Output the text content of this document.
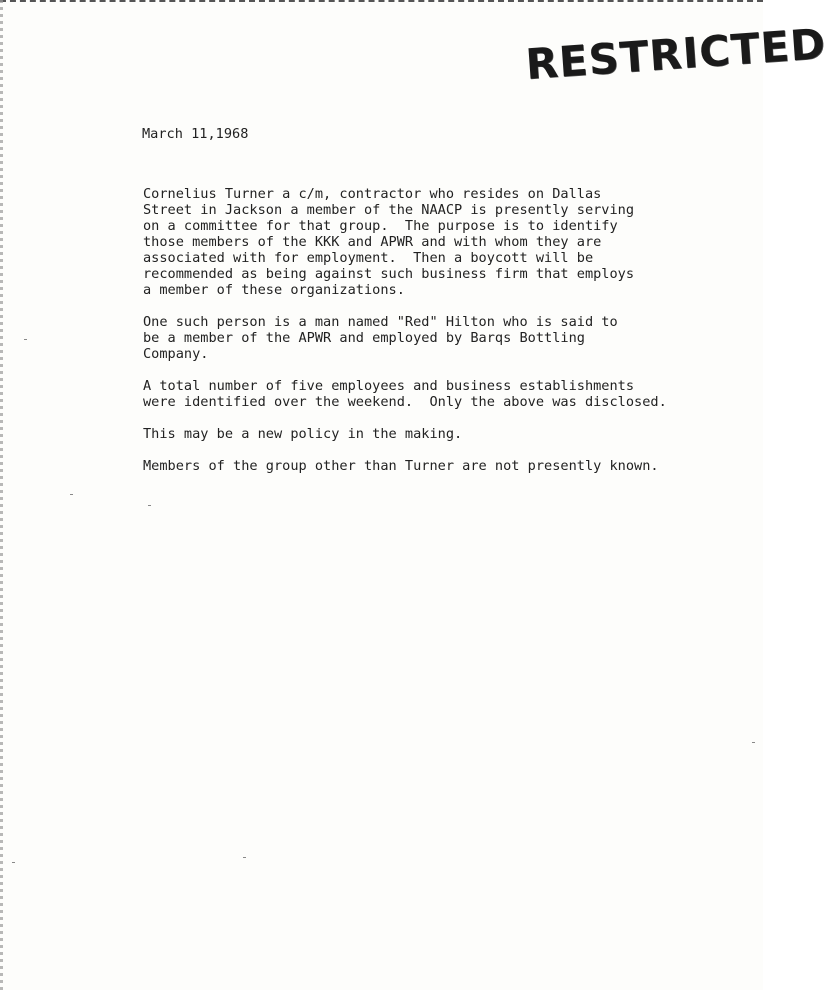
RESTRICTED
March 11,1968
Cornelius Turner a c/m, contractor who resides on Dallas
Street in Jackson a member of the NAACP is presently serving
on a committee for that group.  The purpose is to identify
those members of the KKK and APWR and with whom they are
associated with for employment.  Then a boycott will be
recommended as being against such business firm that employs
a member of these organizations.
One such person is a man named "Red" Hilton who is said to
be a member of the APWR and employed by Barqs Bottling
Company.
A total number of five employees and business establishments
were identified over the weekend.  Only the above was disclosed.
This may be a new policy in the making.
Members of the group other than Turner are not presently known.
